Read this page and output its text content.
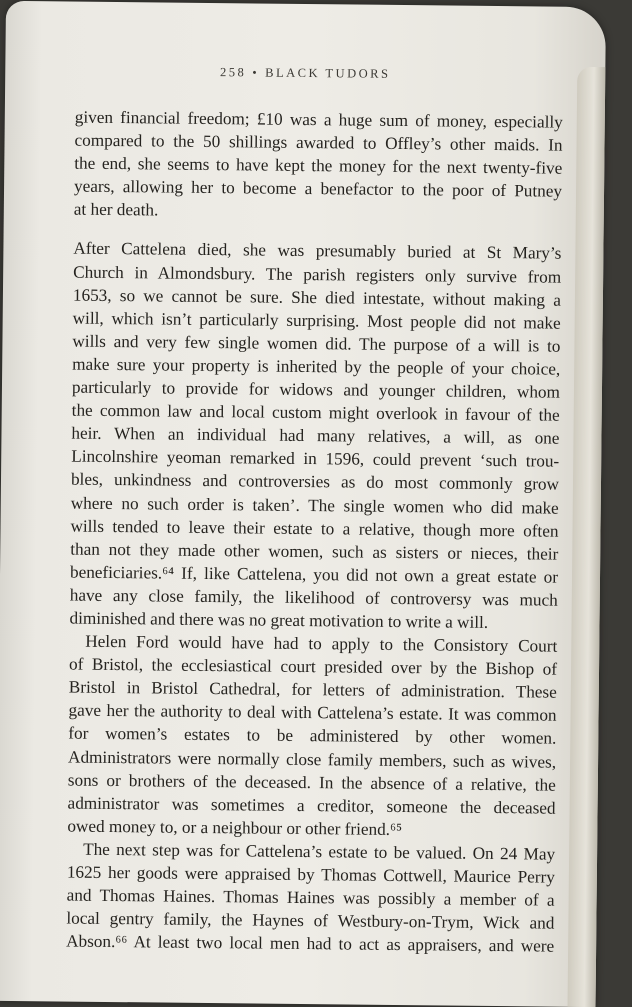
258 • BLACK TUDORS
given financial freedom; £10 was a huge sum of money, especially
compared to the 50 shillings awarded to Offley’s other maids. In
the end, she seems to have kept the money for the next twenty-five
years, allowing her to become a benefactor to the poor of Putney
at her death.
After Cattelena died, she was presumably buried at St Mary’s
Church in Almondsbury. The parish registers only survive from
1653, so we cannot be sure. She died intestate, without making a
will, which isn’t particularly surprising. Most people did not make
wills and very few single women did. The purpose of a will is to
make sure your property is inherited by the people of your choice,
particularly to provide for widows and younger children, whom
the common law and local custom might overlook in favour of the
heir. When an individual had many relatives, a will, as one
Lincolnshire yeoman remarked in 1596, could prevent ‘such trou-
bles, unkindness and controversies as do most commonly grow
where no such order is taken’. The single women who did make
wills tended to leave their estate to a relative, though more often
than not they made other women, such as sisters or nieces, their
beneficiaries.⁶⁴ If, like Cattelena, you did not own a great estate or
have any close family, the likelihood of controversy was much
diminished and there was no great motivation to write a will.
Helen Ford would have had to apply to the Consistory Court
of Bristol, the ecclesiastical court presided over by the Bishop of
Bristol in Bristol Cathedral, for letters of administration. These
gave her the authority to deal with Cattelena’s estate. It was common
for women’s estates to be administered by other women.
Administrators were normally close family members, such as wives,
sons or brothers of the deceased. In the absence of a relative, the
administrator was sometimes a creditor, someone the deceased
owed money to, or a neighbour or other friend.⁶⁵
The next step was for Cattelena’s estate to be valued. On 24 May
1625 her goods were appraised by Thomas Cottwell, Maurice Perry
and Thomas Haines. Thomas Haines was possibly a member of a
local gentry family, the Haynes of Westbury-on-Trym, Wick and
Abson.⁶⁶ At least two local men had to act as appraisers, and were
